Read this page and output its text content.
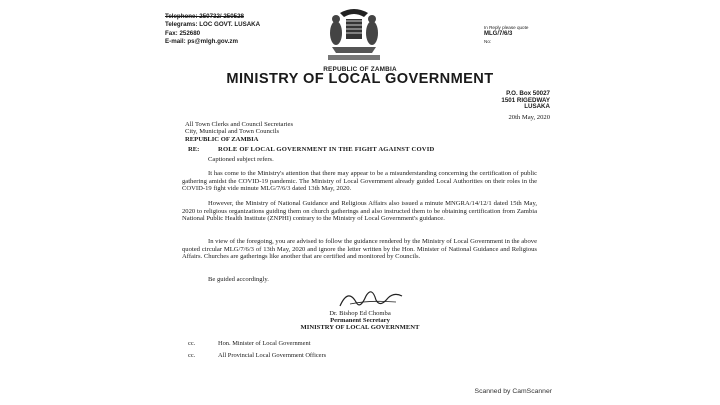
Telephone: 250732/ 250528
Telegrams: LOC GOVT. LUSAKA
Fax: 252680
E-mail: ps@mlgh.gov.zm
In Reply please quote
MLG/7/6/3
No:
REPUBLIC OF ZAMBIA
MINISTRY OF LOCAL GOVERNMENT
P.O. Box 50027
1501 RIGEDWAY
LUSAKA
20th May, 2020
All Town Clerks and Council Secretaries
City, Municipal and Town Councils
REPUBLIC OF ZAMBIA
RE:	ROLE OF LOCAL GOVERNMENT IN THE FIGHT AGAINST COVID
Captioned subject refers.
It has come to the Ministry's attention that there may appear to be a misunderstanding concerning the certification of public gathering amidst the COVID-19 pandemic. The Ministry of Local Government already guided Local Authorities on their roles in the COVID-19 fight vide minute MLG/7/6/3 dated 13th May, 2020.
However, the Ministry of National Guidance and Religious Affairs also issued a minute MNGRA/14/12/1 dated 15th May, 2020 to religious organizations guiding them on church gatherings and also instructed them to be obtaining certification from Zambia National Public Health Institute (ZNPHI) contrary to the Ministry of Local Government's guidance.
In view of the foregoing, you are advised to follow the guidance rendered by the Ministry of Local Government in the above quoted circular MLG/7/6/3 of 13th May, 2020 and ignore the letter written by the Hon. Minister of National Guidance and Religious Affairs. Churches are gatherings like another that are certified and monitored by Councils.
Be guided accordingly.
Dr. Bishop Ed Chomba
Permanent Secretary
MINISTRY OF LOCAL GOVERNMENT
cc.	Hon. Minister of Local Government
cc.	All Provincial Local Government Officers
Scanned by CamScanner
